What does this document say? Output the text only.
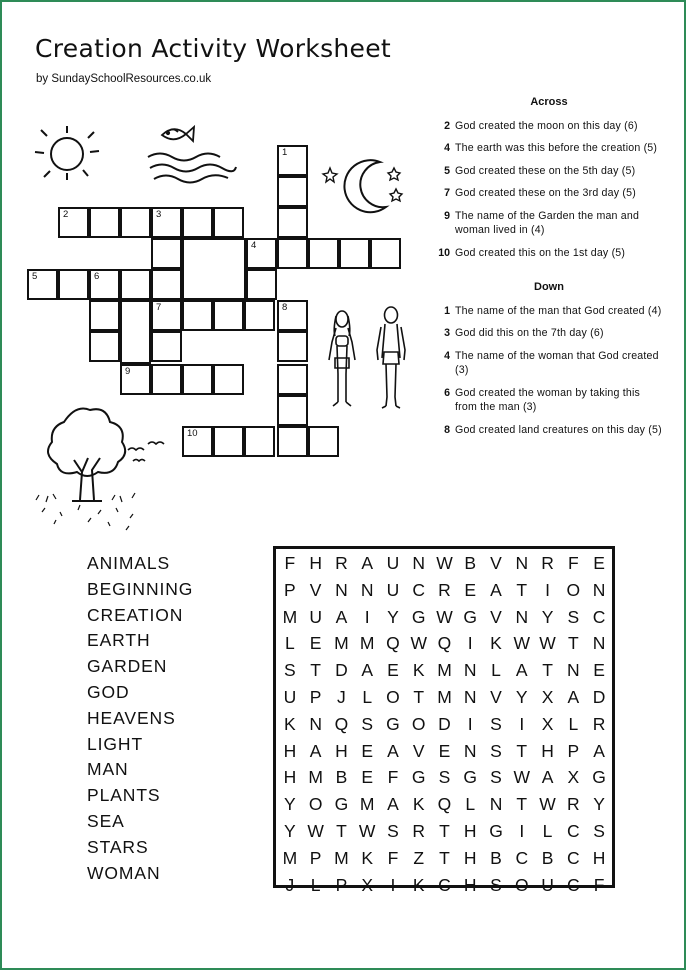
Creation Activity Worksheet
by SundaySchoolResources.co.uk
1
2	3
4
5	6
7	8
9
10
Across
2 God created the moon on this day (6)
4 The earth was this before the creation (5)
5 God created these on the 5th day (5)
7 God created these on the 3rd day (5)
9 The name of the Garden the man and woman lived in (4)
10 God created this on the 1st day (5)
Down
1 The name of the man that God created (4)
3 God did this on the 7th day (6)
4 The name of the woman that God created (3)
6 God created the woman by taking this from the man (3)
8 God created land creatures on this day (5)
ANIMALS
BEGINNING
CREATION
EARTH
GARDEN
GOD
HEAVENS
LIGHT
MAN
PLANTS
SEA
STARS
WOMAN
F H R A U N W B V N R F E
P V N N U C R E A T	I O N
M U A I Y G W G V N Y S C
L E M M Q W Q I K W W T N
S T D A E K M N L A T N E
U P J L O T M N V Y X A D
K N Q S G O D I S I X L R
H A H E A V E N S T H P A
H M B E F G S G S W A X G
Y O G M A K Q L N T W R Y
Y W T W S R T H G I	L C S
M P M K F Z T H B C B C H
J L P X I K C H S O U C F
